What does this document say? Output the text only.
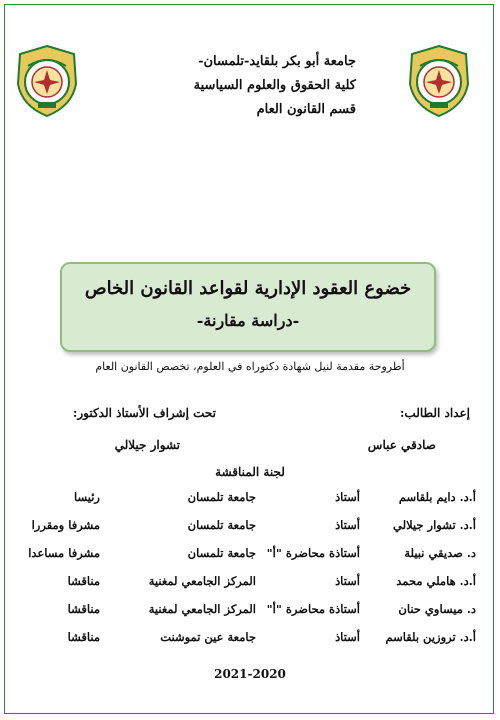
جامعة أبو بكر بلقايد-تلمسان-
كلية الحقوق والعلوم السياسية
قسم القانون العام
خضوع العقود الإدارية لقواعد القانون الخاص
-دراسة مقارنة-
أطروحة مقدمة لنيل شهادة دكتوراه في العلوم، تخصص القانون العام
إعداد الطالب:
تحت إشراف الأستاذ الدكتور:
صادقي عباس
تشوار جيلالي
لجنة المناقشة
أ.د. دايم بلقاسم
أستاذ
جامعة تلمسان
رئيسا
أ.د. تشوار جيلالي
أستاذ
جامعة تلمسان
مشرفا ومقررا
د. صديقي نبيلة
أستاذة محاضرة "أ"
جامعة تلمسان
مشرفا مساعدا
أ.د. هاملي محمد
أستاذ
المركز الجامعي لمغنية
مناقشا
د. ميساوي حنان
أستاذة محاضرة "أ"
المركز الجامعي لمغنية
مناقشا
أ.د. تروزين بلقاسم
أستاذ
جامعة عين تموشنت
مناقشا
2021-2020
